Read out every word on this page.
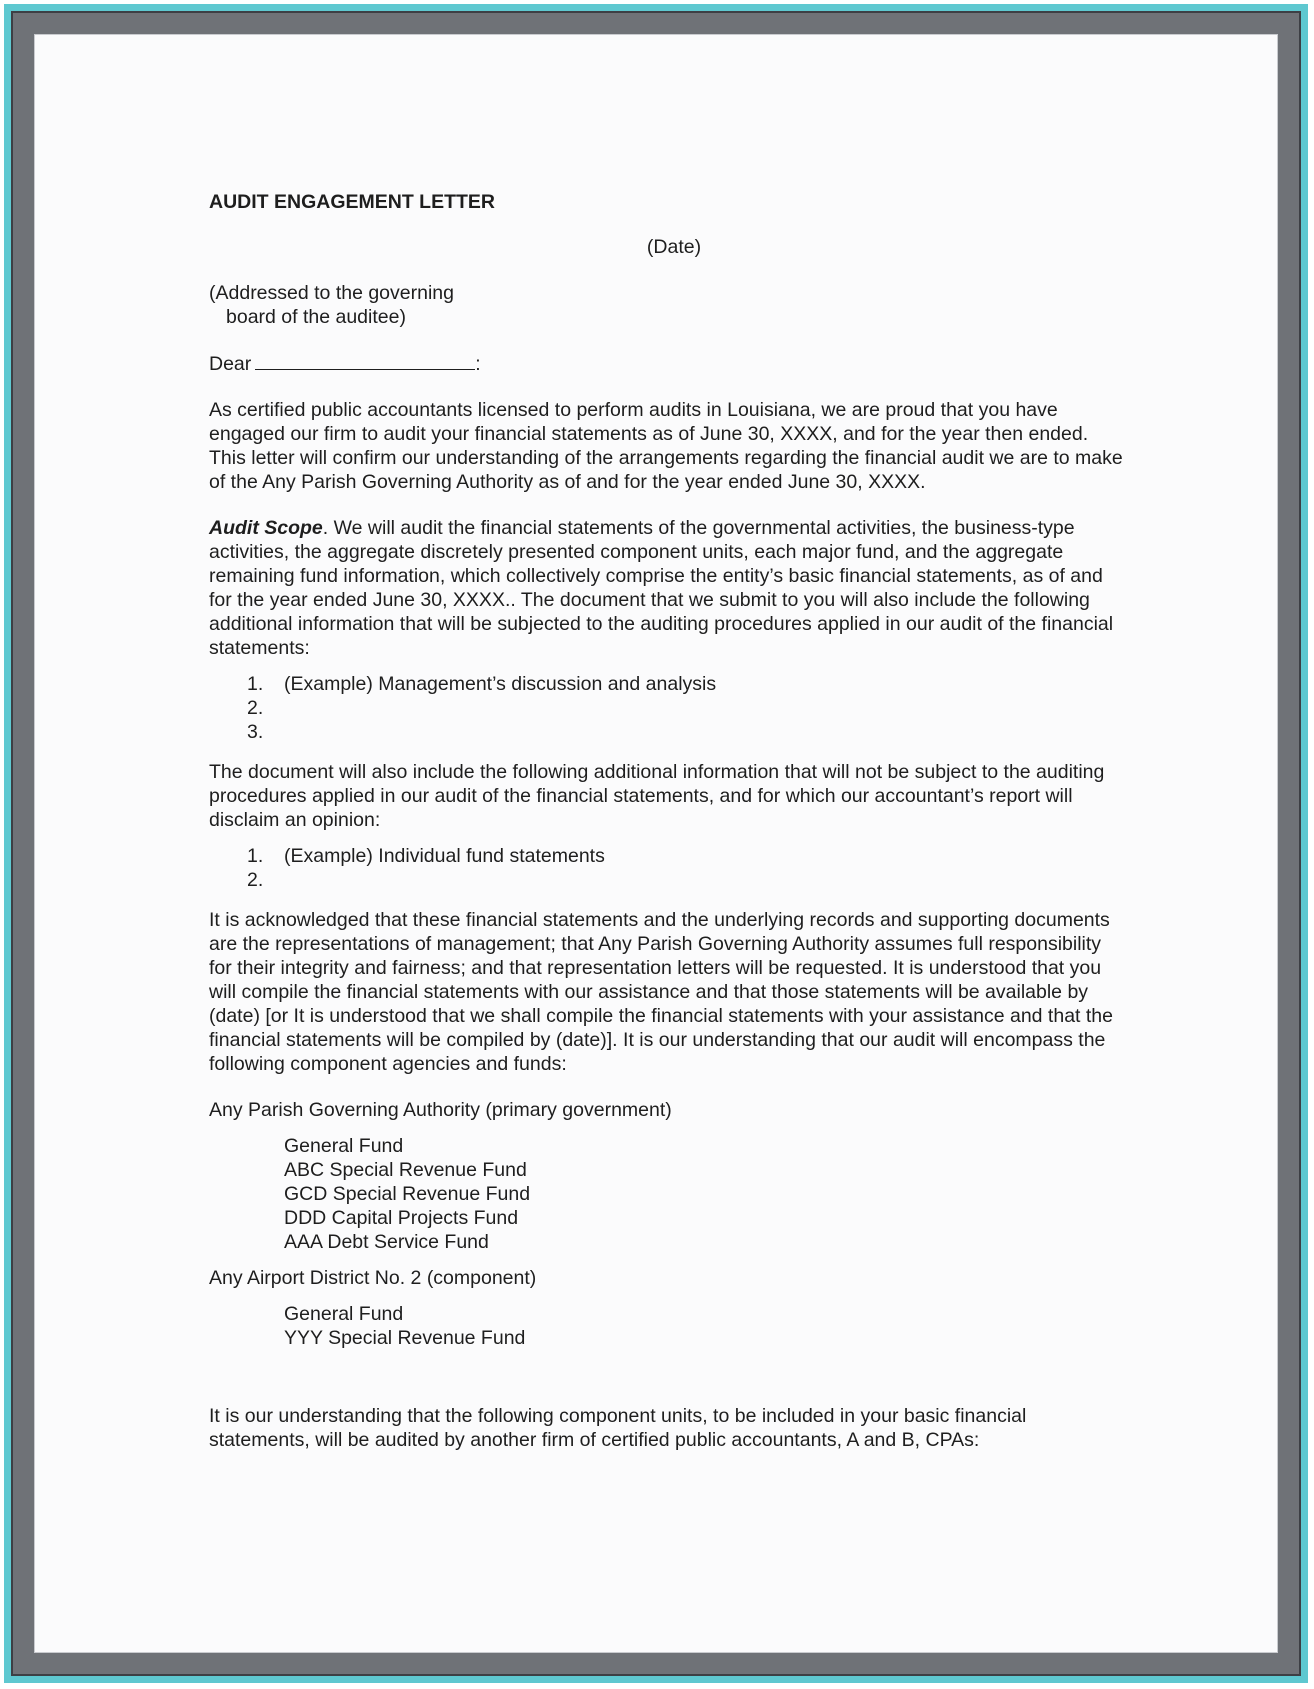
AUDIT ENGAGEMENT LETTER
(Date)
(Addressed to the governing
board of the auditee)
Dear	:

As certified public accountants licensed to perform audits in Louisiana, we are proud that you have engaged our firm to audit your financial statements as of June 30, XXXX, and for the year then ended. This letter will confirm our understanding of the arrangements regarding the financial audit we are to make of the Any Parish Governing Authority as of and for the year ended June 30, XXXX.

Audit Scope. We will audit the financial statements of the governmental activities, the business-type activities, the aggregate discretely presented component units, each major fund, and the aggregate remaining fund information, which collectively comprise the entity’s basic financial statements, as of and for the year ended June 30, XXXX.. The document that we submit to you will also include the following additional information that will be subjected to the auditing procedures applied in our audit of the financial statements:

1. (Example) Management’s discussion and analysis
2.
3.

The document will also include the following additional information that will not be subject to the auditing procedures applied in our audit of the financial statements, and for which our accountant’s report will disclaim an opinion:

1. (Example) Individual fund statements
2.

It is acknowledged that these financial statements and the underlying records and supporting documents are the representations of management; that Any Parish Governing Authority assumes full responsibility for their integrity and fairness; and that representation letters will be requested. It is understood that you will compile the financial statements with our assistance and that those statements will be available by (date) [or It is understood that we shall compile the financial statements with your assistance and that the financial statements will be compiled by (date)]. It is our understanding that our audit will encompass the following component agencies and funds:

Any Parish Governing Authority (primary government)
General Fund
ABC Special Revenue Fund
GCD Special Revenue Fund
DDD Capital Projects Fund
AAA Debt Service Fund
Any Airport District No. 2 (component)
General Fund
YYY Special Revenue Fund

It is our understanding that the following component units, to be included in your basic financial statements, will be audited by another firm of certified public accountants, A and B, CPAs:
